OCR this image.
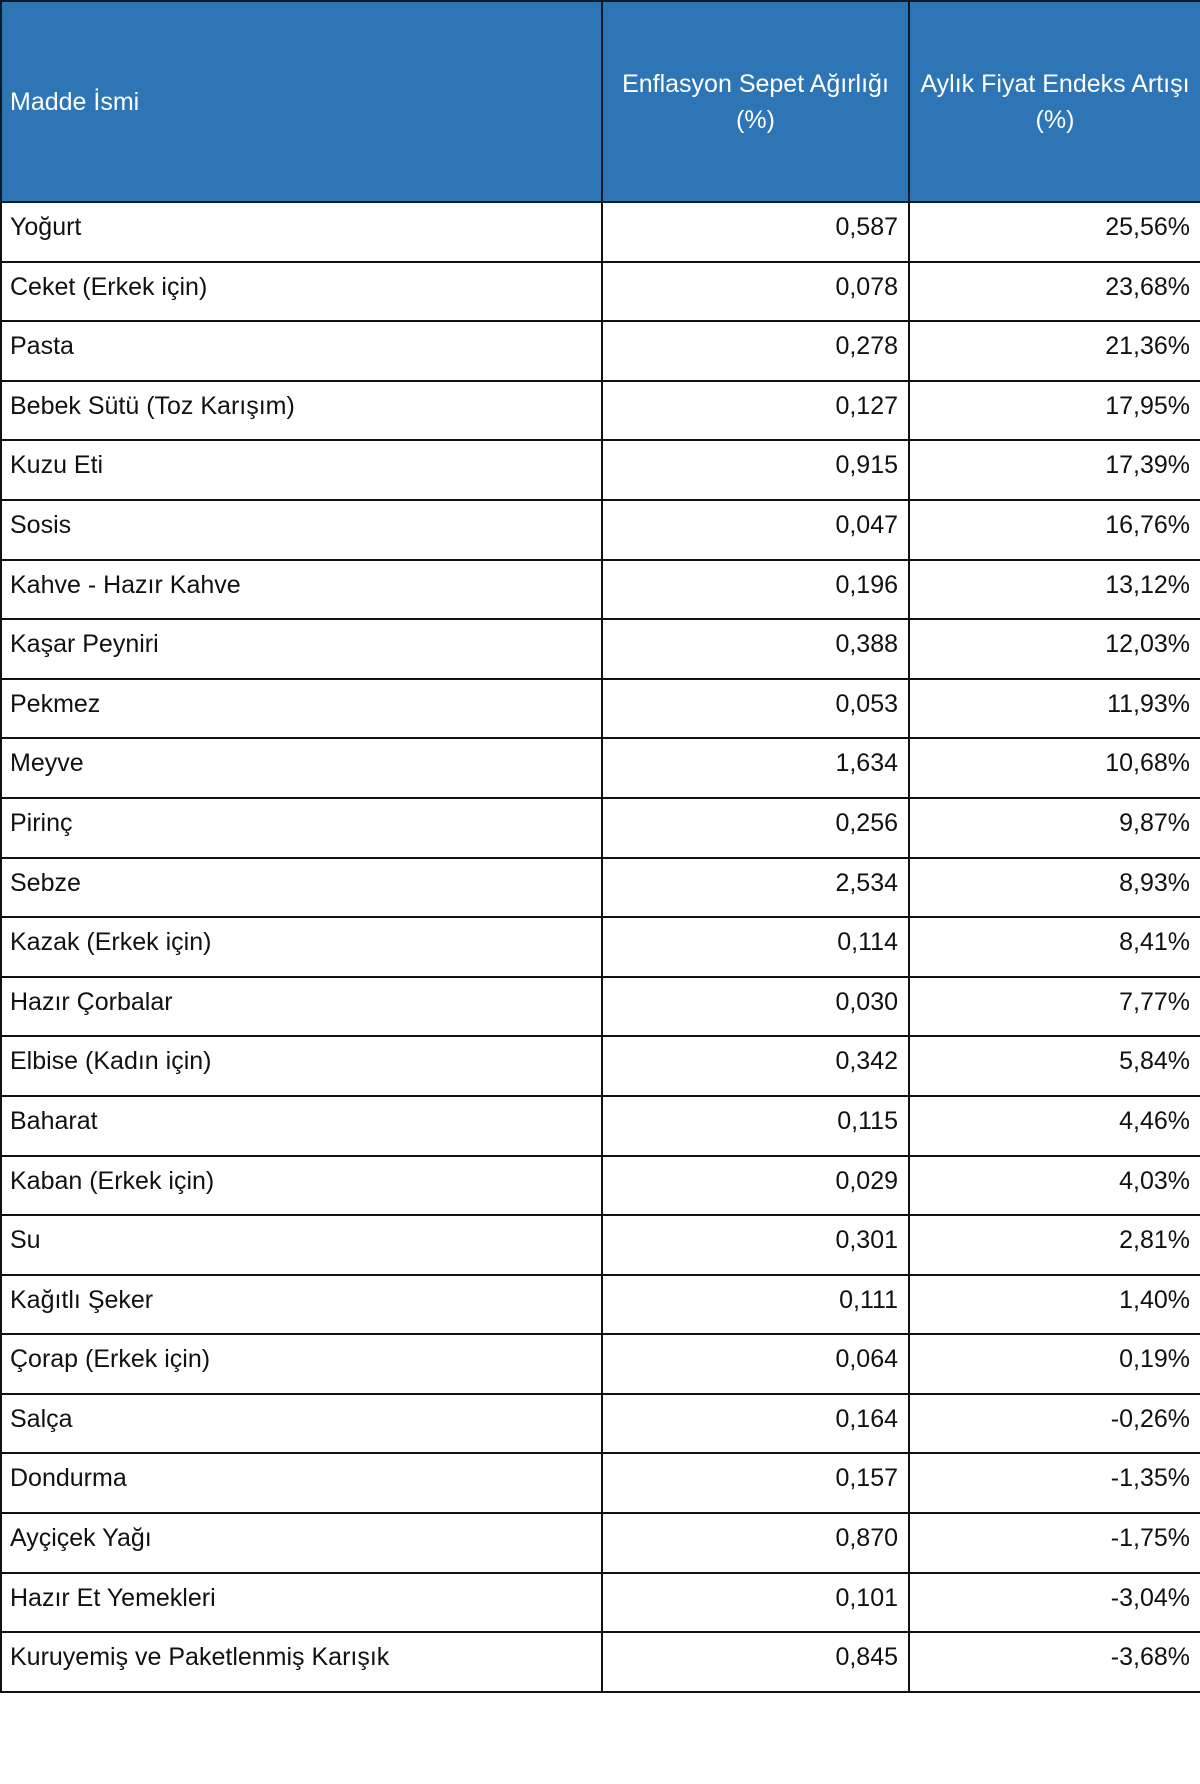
Madde İsmi	Enflasyon Sepet Ağırlığı (%)	Aylık Fiyat Endeks Artışı (%)
Yoğurt	0,587	25,56%
Ceket (Erkek için)	0,078	23,68%
Pasta	0,278	21,36%
Bebek Sütü (Toz Karışım)	0,127	17,95%
Kuzu Eti	0,915	17,39%
Sosis	0,047	16,76%
Kahve - Hazır Kahve	0,196	13,12%
Kaşar Peyniri	0,388	12,03%
Pekmez	0,053	11,93%
Meyve	1,634	10,68%
Pirinç	0,256	9,87%
Sebze	2,534	8,93%
Kazak (Erkek için)	0,114	8,41%
Hazır Çorbalar	0,030	7,77%
Elbise (Kadın için)	0,342	5,84%
Baharat	0,115	4,46%
Kaban (Erkek için)	0,029	4,03%
Su	0,301	2,81%
Kağıtlı Şeker	0,111	1,40%
Çorap (Erkek için)	0,064	0,19%
Salça	0,164	-0,26%
Dondurma	0,157	-1,35%
Ayçiçek Yağı	0,870	-1,75%
Hazır Et Yemekleri	0,101	-3,04%
Kuruyemiş ve Paketlenmiş Karışık	0,845	-3,68%
